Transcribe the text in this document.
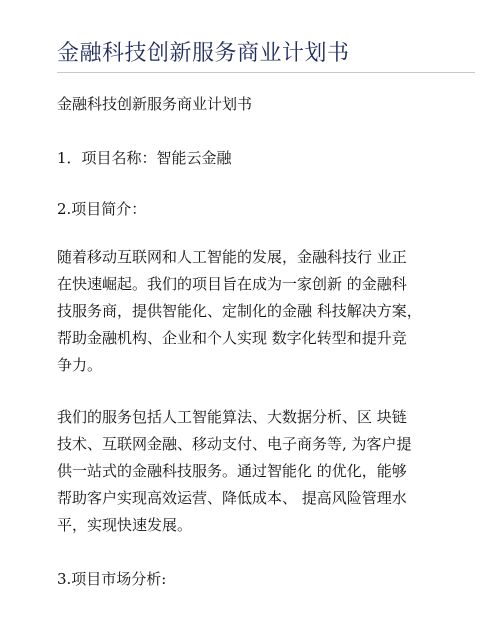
金融科技创新服务商业计划书
金融科技创新服务商业计划书
1．项目名称：智能云金融
2.项目简介：
随着移动互联网和人工智能的发展，金融科技行 业正
在快速崛起。我们的项目旨在成为一家创新 的金融科
技服务商，提供智能化、定制化的金融 科技解决方案，
帮助金融机构、企业和个人实现 数字化转型和提升竞
争力。
我们的服务包括人工智能算法、大数据分析、区 块链
技术、互联网金融、移动支付、电子商务等, 为客户提
供一站式的金融科技服务。通过智能化 的优化，能够
帮助客户实现高效运营、降低成本、 提高风险管理水
平，实现快速发展。
3.项目市场分析:
